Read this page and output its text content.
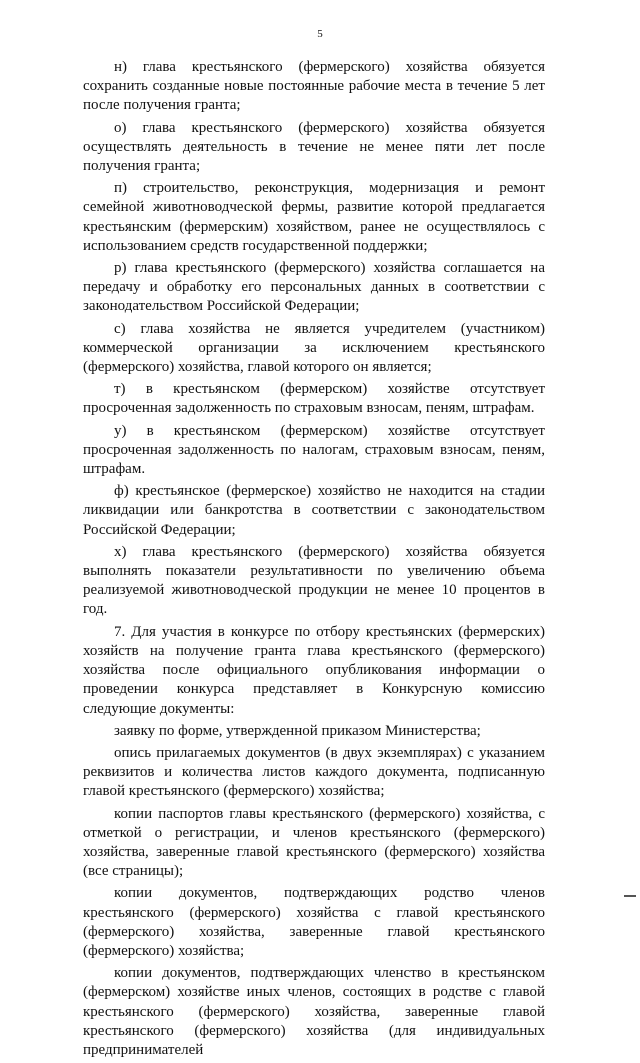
5

н) глава крестьянского (фермерского) хозяйства обязуется сохранить созданные новые постоянные рабочие места в течение 5 лет после получения гранта;

о) глава крестьянского (фермерского) хозяйства обязуется осуществлять деятельность в течение не менее пяти лет после получения гранта;

п) строительство, реконструкция, модернизация и ремонт семейной животноводческой фермы, развитие которой предлагается крестьянским (фермерским) хозяйством, ранее не осуществлялось с использованием средств государственной поддержки;

р) глава крестьянского (фермерского) хозяйства соглашается на передачу и обработку его персональных данных в соответствии с законодательством Российской Федерации;

с) глава хозяйства не является учредителем (участником) коммерческой организации за исключением крестьянского (фермерского) хозяйства, главой которого он является;

т) в крестьянском (фермерском) хозяйстве отсутствует просроченная задолженность по страховым взносам, пеням, штрафам.

у) в крестьянском (фермерском) хозяйстве отсутствует просроченная задолженность по налогам, страховым взносам, пеням, штрафам.

ф) крестьянское (фермерское) хозяйство не находится на стадии ликвидации или банкротства в соответствии с законодательством Российской Федерации;

х) глава крестьянского (фермерского) хозяйства обязуется выполнять показатели результативности по увеличению объема реализуемой животноводческой продукции не менее 10 процентов в год.

7. Для участия в конкурсе по отбору крестьянских (фермерских) хозяйств на получение гранта глава крестьянского (фермерского) хозяйства после официального опубликования информации о проведении конкурса представляет в Конкурсную комиссию следующие документы:

заявку по форме, утвержденной приказом Министерства;

опись прилагаемых документов (в двух экземплярах) с указанием реквизитов и количества листов каждого документа, подписанную главой крестьянского (фермерского) хозяйства;

копии паспортов главы крестьянского (фермерского) хозяйства, с отметкой о регистрации, и членов крестьянского (фермерского) хозяйства, заверенные главой крестьянского (фермерского) хозяйства (все страницы);

копии документов, подтверждающих родство членов крестьянского (фермерского) хозяйства с главой крестьянского (фермерского) хозяйства, заверенные главой крестьянского (фермерского) хозяйства;

копии документов, подтверждающих членство в крестьянском (фермерском) хозяйстве иных членов, состоящих в родстве с главой крестьянского (фермерского) хозяйства, заверенные главой крестьянского (фермерского) хозяйства (для индивидуальных предпринимателей
